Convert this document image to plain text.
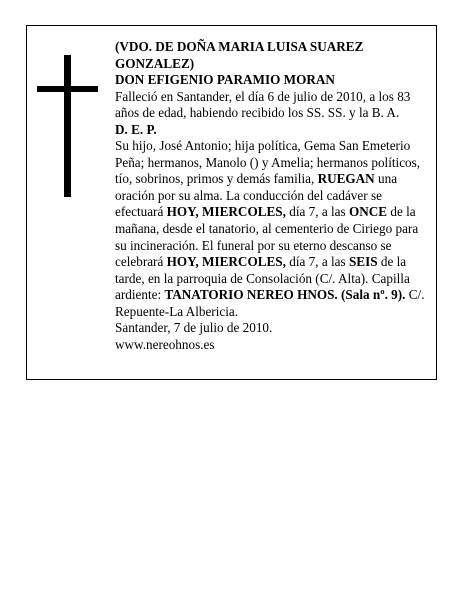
(VDO. DE DOÑA MARIA LUISA SUAREZ GONZALEZ)

DON EFIGENIO PARAMIO MORAN

Falleció en Santander, el día 6 de julio de 2010, a los 83 años de edad, habiendo recibido los SS. SS. y la B. A.

D. E. P.

Su hijo, José Antonio; hija política, Gema San Emeterio Peña; hermanos, Manolo () y Amelia; hermanos políticos, tío, sobrinos, primos y demás familia, RUEGAN una oración por su alma. La conducción del cadáver se efectuará HOY, MIERCOLES, día 7, a las ONCE de la mañana, desde el tanatorio, al cementerio de Ciriego para su incineración. El funeral por su eterno descanso se celebrará HOY, MIERCOLES, día 7, a las SEIS de la tarde, en la parroquia de Consolación (C/. Alta). Capilla ardiente: TANATORIO NEREO HNOS. (Sala nº. 9). C/. Repuente-La Albericia.

Santander, 7 de julio de 2010.

www.nereohnos.es
